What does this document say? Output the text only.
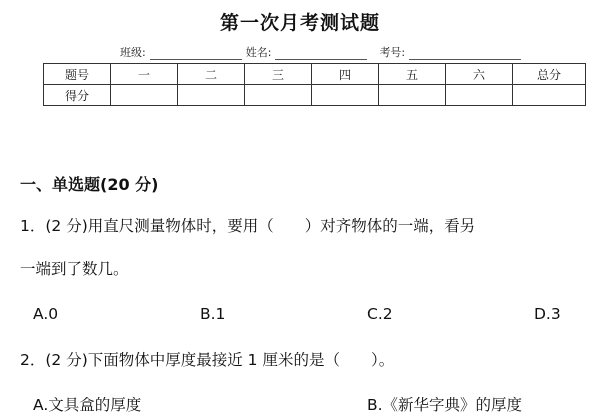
第一次月考测试题
班级:	姓名:	考号:
题号	一	二	三	四	五	六	总分
得分							
一、单选题(20 分)
1．(2 分)用直尺测量物体时，要用（　　）对齐物体的一端，看另
一端到了数几。
A.0	B.1	C.2	D.3
2．(2 分)下面物体中厚度最接近 1 厘米的是（　　）。
A.文具盒的厚度	B.《新华字典》的厚度
